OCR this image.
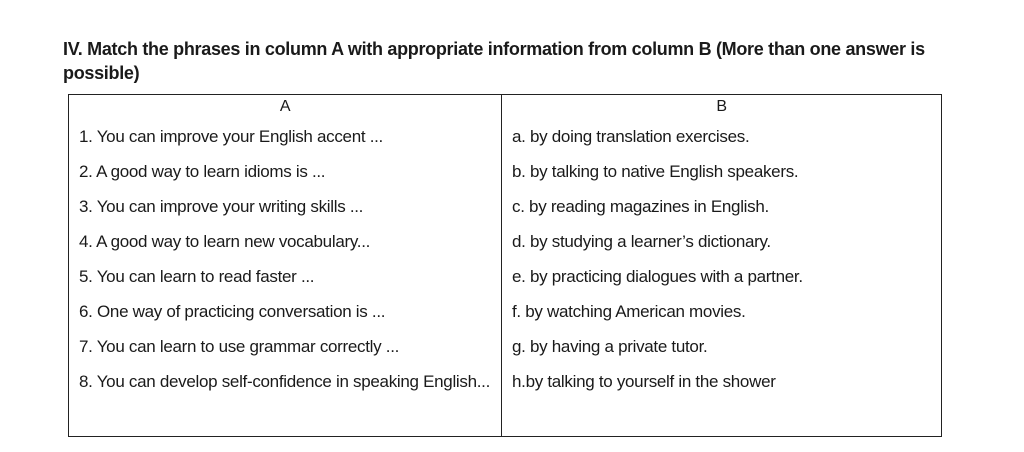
IV. Match the phrases in column A with appropriate information from column B (More than one answer is possible)
A	B
1. You can improve your English accent ...	a. by doing translation exercises.
2. A good way to learn idioms is ...	b. by talking to native English speakers.
3. You can improve your writing skills ...	c. by reading magazines in English.
4. A good way to learn new vocabulary...	d. by studying a learner’s dictionary.
5. You can learn to read faster ...	e. by practicing dialogues with a partner.
6. One way of practicing conversation is ...	f. by watching American movies.
7. You can learn to use grammar correctly ...	g. by having a private tutor.
8. You can develop self-confidence in speaking English...	h.by talking to yourself in the shower
